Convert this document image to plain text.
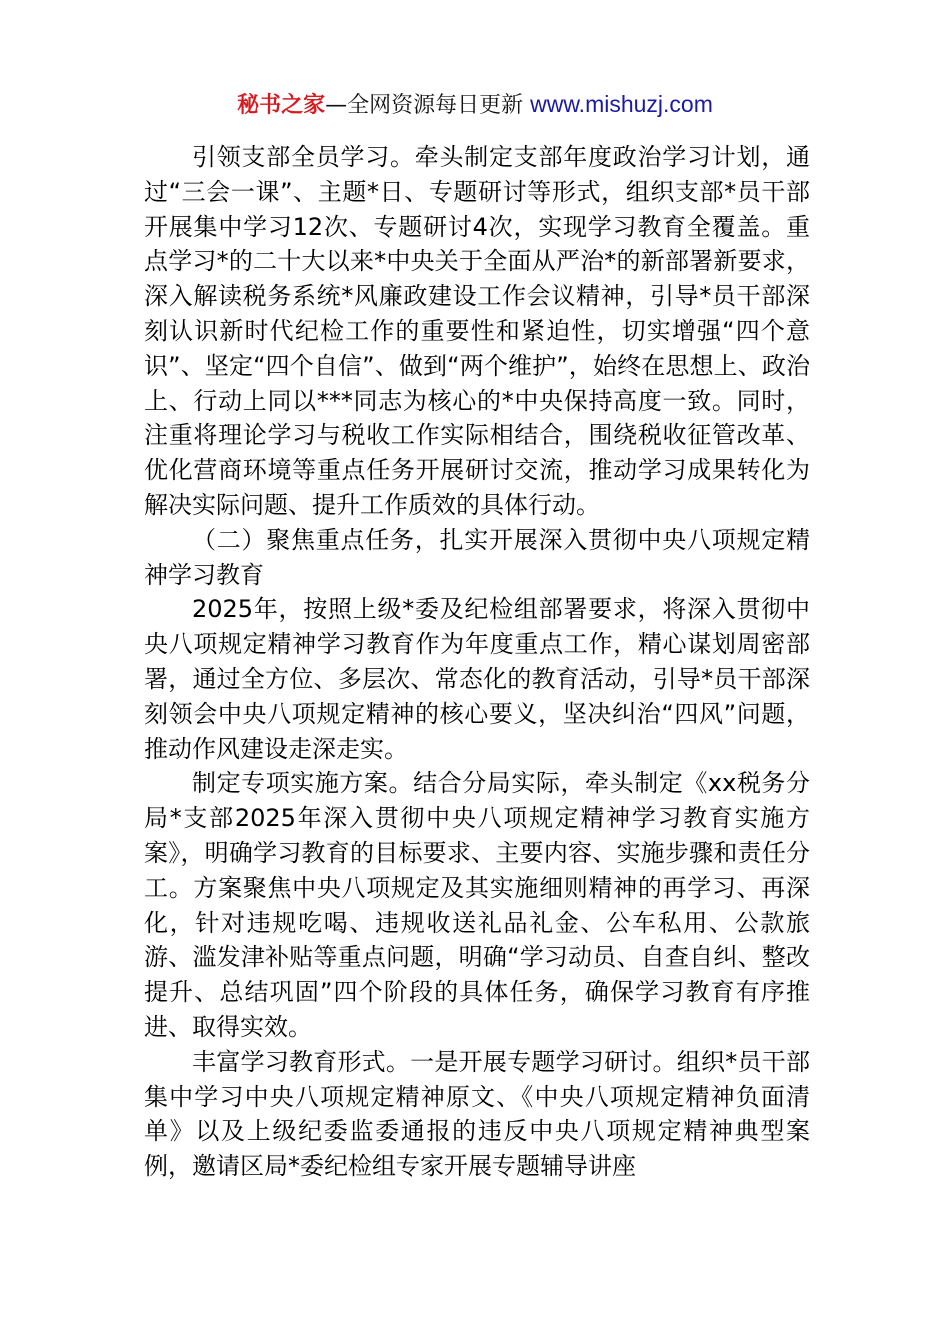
秘书之家—全网资源每日更新 www.mishuzj.com

引领支部全员学习。牵头制定支部年度政治学习计划，通过“三会一课”、主题*日、专题研讨等形式，组织支部*员干部开展集中学习12次、专题研讨4次，实现学习教育全覆盖。重点学习*的二十大以来*中央关于全面从严治*的新部署新要求，深入解读税务系统*风廉政建设工作会议精神，引导*员干部深刻认识新时代纪检工作的重要性和紧迫性，切实增强“四个意识”、坚定“四个自信”、做到“两个维护”，始终在思想上、政治上、行动上同以***同志为核心的*中央保持高度一致。同时，注重将理论学习与税收工作实际相结合，围绕税收征管改革、优化营商环境等重点任务开展研讨交流，推动学习成果转化为解决实际问题、提升工作质效的具体行动。

（二）聚焦重点任务，扎实开展深入贯彻中央八项规定精神学习教育

2025年，按照上级*委及纪检组部署要求，将深入贯彻中央八项规定精神学习教育作为年度重点工作，精心谋划周密部署，通过全方位、多层次、常态化的教育活动，引导*员干部深刻领会中央八项规定精神的核心要义，坚决纠治“四风”问题，推动作风建设走深走实。

制定专项实施方案。结合分局实际，牵头制定《xx税务分局*支部2025年深入贯彻中央八项规定精神学习教育实施方案》，明确学习教育的目标要求、主要内容、实施步骤和责任分工。方案聚焦中央八项规定及其实施细则精神的再学习、再深化，针对违规吃喝、违规收送礼品礼金、公车私用、公款旅游、滥发津补贴等重点问题，明确“学习动员、自查自纠、整改提升、总结巩固”四个阶段的具体任务，确保学习教育有序推进、取得实效。

丰富学习教育形式。一是开展专题学习研讨。组织*员干部集中学习中央八项规定精神原文、《中央八项规定精神负面清单》以及上级纪委监委通报的违反中央八项规定精神典型案例，邀请区局*委纪检组专家开展专题辅导讲座
